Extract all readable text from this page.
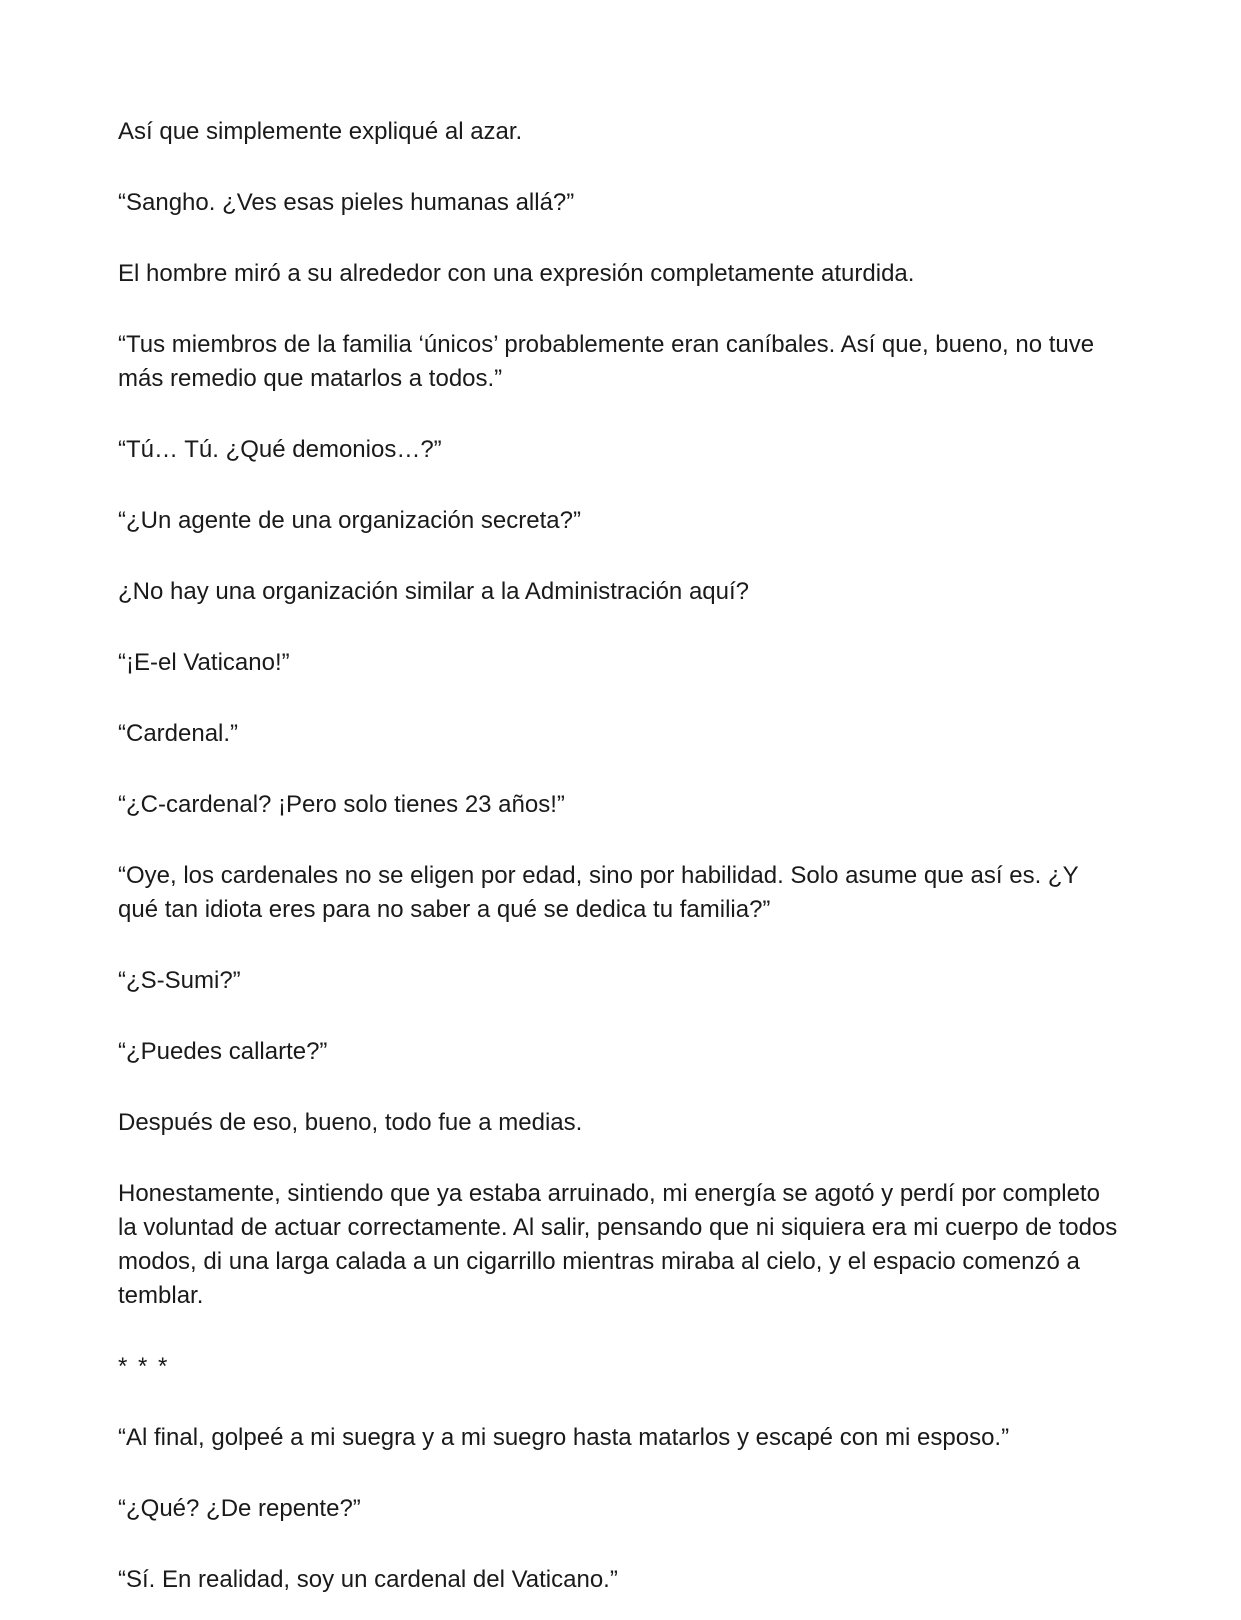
Así que simplemente expliqué al azar.

“Sangho. ¿Ves esas pieles humanas allá?”

El hombre miró a su alrededor con una expresión completamente aturdida.

“Tus miembros de la familia ‘únicos’ probablemente eran caníbales. Así que, bueno, no tuve más remedio que matarlos a todos.”

“Tú… Tú. ¿Qué demonios…?”

“¿Un agente de una organización secreta?”

¿No hay una organización similar a la Administración aquí?

“¡E-el Vaticano!”

“Cardenal.”

“¿C-cardenal? ¡Pero solo tienes 23 años!”

“Oye, los cardenales no se eligen por edad, sino por habilidad. Solo asume que así es. ¿Y qué tan idiota eres para no saber a qué se dedica tu familia?”

“¿S-Sumi?”

“¿Puedes callarte?”

Después de eso, bueno, todo fue a medias.

Honestamente, sintiendo que ya estaba arruinado, mi energía se agotó y perdí por completo la voluntad de actuar correctamente. Al salir, pensando que ni siquiera era mi cuerpo de todos modos, di una larga calada a un cigarrillo mientras miraba al cielo, y el espacio comenzó a temblar.

* * *

“Al final, golpeé a mi suegra y a mi suegro hasta matarlos y escapé con mi esposo.”

“¿Qué? ¿De repente?”

“Sí. En realidad, soy un cardenal del Vaticano.”
